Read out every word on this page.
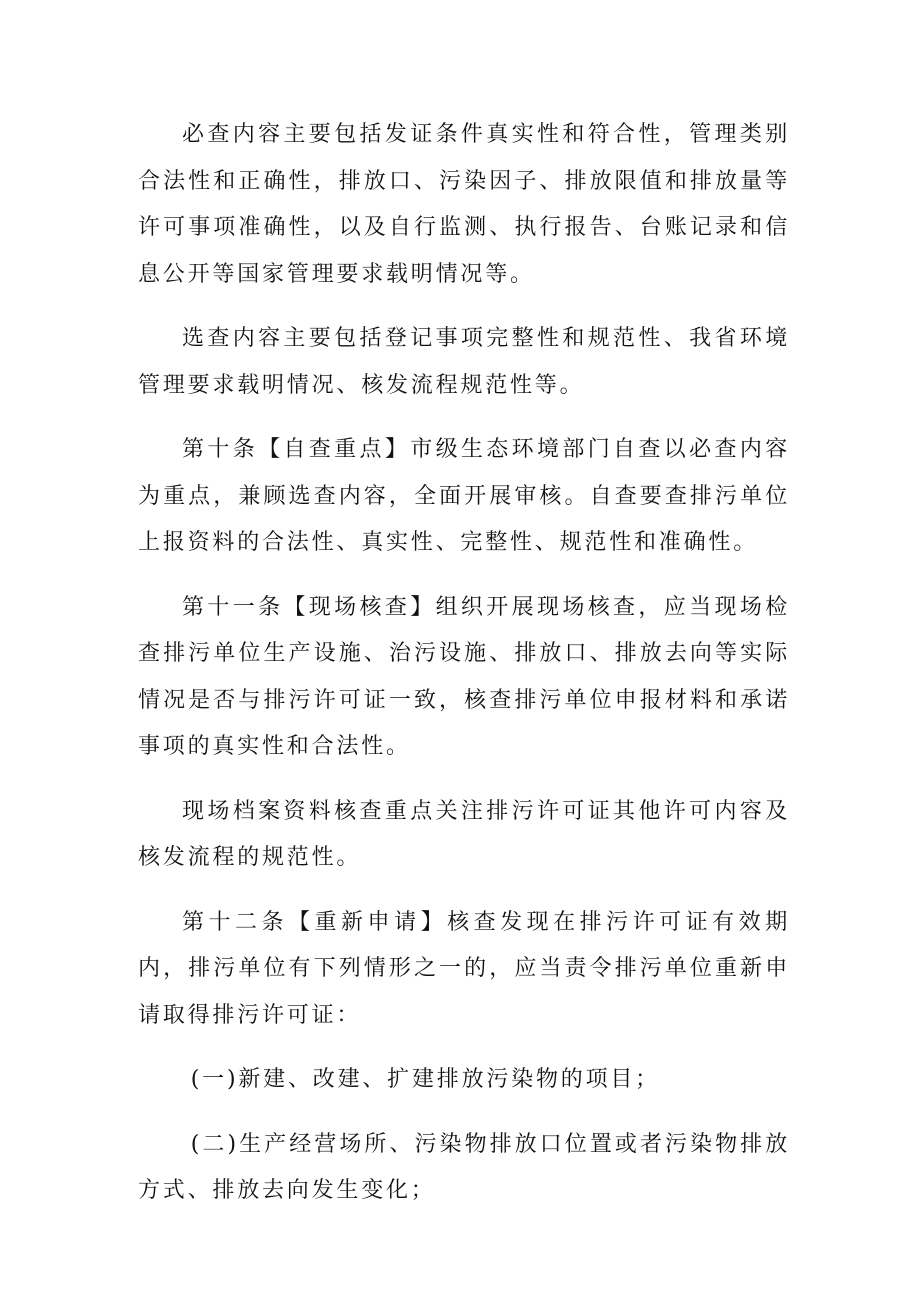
必查内容主要包括发证条件真实性和符合性，管理类别合法性和正确性，排放口、污染因子、排放限值和排放量等许可事项准确性，以及自行监测、执行报告、台账记录和信息公开等国家管理要求载明情况等。

选查内容主要包括登记事项完整性和规范性、我省环境管理要求载明情况、核发流程规范性等。

第十条【自查重点】市级生态环境部门自查以必查内容为重点，兼顾选查内容，全面开展审核。自查要查排污单位上报资料的合法性、真实性、完整性、规范性和准确性。

第十一条【现场核查】组织开展现场核查，应当现场检查排污单位生产设施、治污设施、排放口、排放去向等实际情况是否与排污许可证一致，核查排污单位申报材料和承诺事项的真实性和合法性。

现场档案资料核查重点关注排污许可证其他许可内容及核发流程的规范性。

第十二条【重新申请】核查发现在排污许可证有效期内，排污单位有下列情形之一的，应当责令排污单位重新申请取得排污许可证：

(一)新建、改建、扩建排放污染物的项目；

(二)生产经营场所、污染物排放口位置或者污染物排放方式、排放去向发生变化；
